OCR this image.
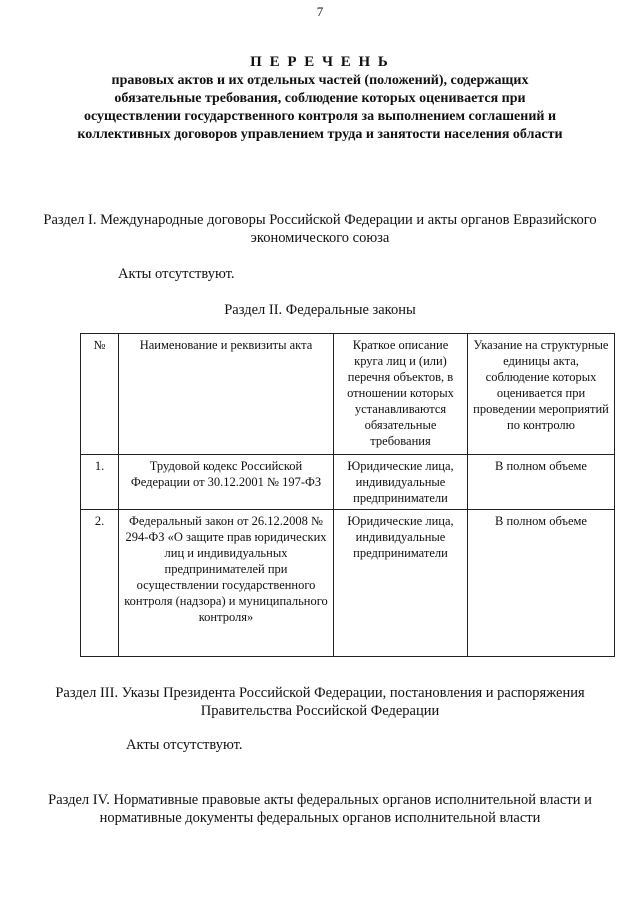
7
П Е Р Е Ч Е Н Ь
правовых актов и их отдельных частей (положений), содержащих обязательные требования, соблюдение которых оценивается при осуществлении государственного контроля за выполнением соглашений и коллективных договоров управлением труда и занятости населения области
Раздел I. Международные договоры Российской Федерации и акты органов Евразийского экономического союза
Акты отсутствуют.
Раздел II. Федеральные законы
№	Наименование и реквизиты акта	Краткое описание круга лиц и (или) перечня объектов, в отношении которых устанавливаются обязательные требования	Указание на структурные единицы акта, соблюдение которых оценивается при проведении мероприятий по контролю
1.	Трудовой кодекс Российской Федерации от 30.12.2001 № 197-ФЗ	Юридические лица, индивидуальные предприниматели	В полном объеме
2.	Федеральный закон от 26.12.2008 № 294-ФЗ «О защите прав юридических лиц и индивидуальных предпринимателей при осуществлении государственного контроля (надзора) и муниципального контроля»	Юридические лица, индивидуальные предприниматели	В полном объеме
Раздел III. Указы Президента Российской Федерации, постановления и распоряжения Правительства Российской Федерации
Акты отсутствуют.
Раздел IV. Нормативные правовые акты федеральных органов исполнительной власти и нормативные документы федеральных органов исполнительной власти
